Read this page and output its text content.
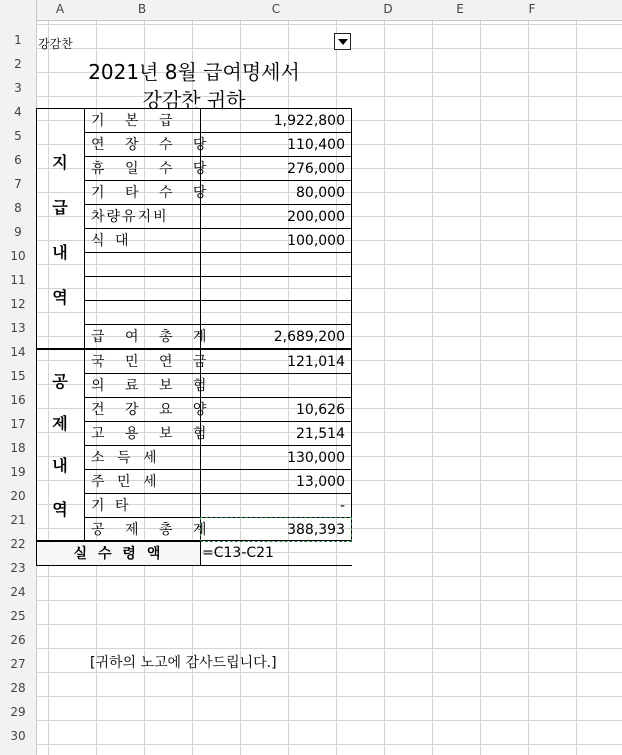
A	B	C	D	E	F
1
2
3
4
5
6
7
8
9
10
11
12
13
14
15
16
17
18
19
20
21
22
23
24
25
26
27
28
29
30
강감찬
2021년 8월 급여명세서
강감찬 귀하
지
급
내
역
공
제
내
역
기 본 급	1,922,800
연 장 수 당	110,400
휴 일 수 당	276,000
기 타 수 당	80,000
차량유지비	200,000
식 대	100,000
급 여 총 계	2,689,200
국 민 연 금	121,014
의 료 보 험
건 강 요 양	10,626
고 용 보 험	21,514
소 득 세	130,000
주 민 세	13,000
기 타	-
공 제 총 계	388,393
실 수 령 액	=C13-C21
[귀하의 노고에 감사드립니다.]
